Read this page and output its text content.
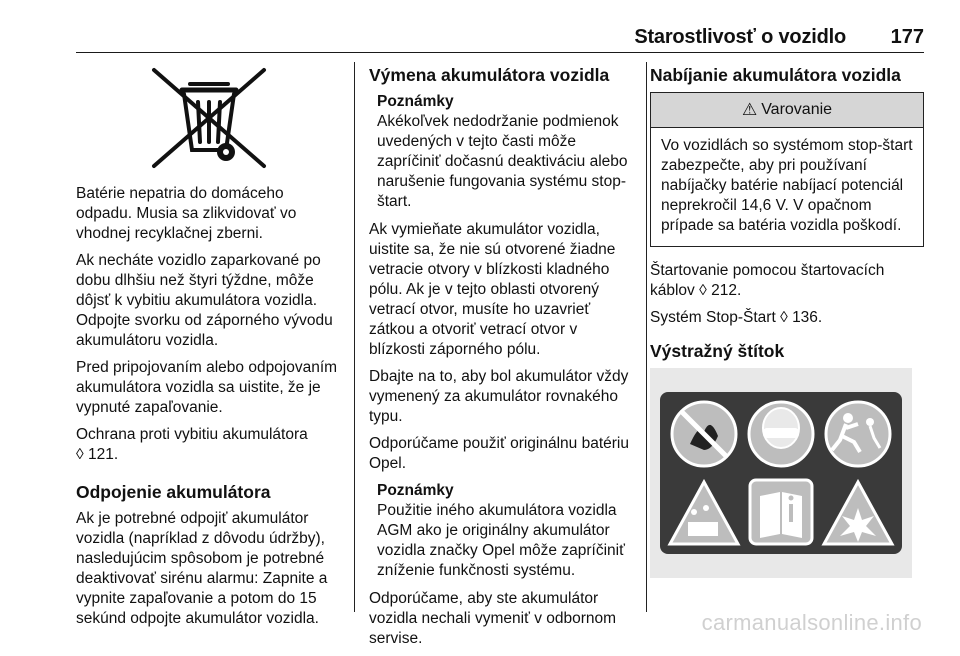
Starostlivosť o vozidlo 177

Batérie nepatria do domáceho odpadu. Musia sa zlikvidovať vo vhodnej recyklačnej zberni.

Ak necháte vozidlo zaparkované po dobu dlhšiu než štyri týždne, môže dôjsť k vybitiu akumulátora vozidla. Odpojte svorku od záporného vývodu akumulátoru vozidla.

Pred pripojovaním alebo odpojovaním akumulátora vozidla sa uistite, že je vypnuté zapaľovanie.

Ochrana proti vybitiu akumulátora
◊ 121.

Odpojenie akumulátora

Ak je potrebné odpojiť akumulátor vozidla (napríklad z dôvodu údržby), nasledujúcim spôsobom je potrebné deaktivovať sirénu alarmu: Zapnite a vypnite zapaľovanie a potom do 15 sekúnd odpojte akumulátor vozidla.

Výmena akumulátora vozidla
Poznámky
Akékoľvek nedodržanie podmienok uvedených v tejto časti môže zapríčiniť dočasnú deaktiváciu alebo narušenie fungovania systému stop-štart.

Ak vymieňate akumulátor vozidla, uistite sa, že nie sú otvorené žiadne vetracie otvory v blízkosti kladného pólu. Ak je v tejto oblasti otvorený vetrací otvor, musíte ho uzavrieť zátkou a otvoriť vetrací otvor v blízkosti záporného pólu.

Dbajte na to, aby bol akumulátor vždy vymenený za akumulátor rovnakého typu.

Odporúčame použiť originálnu batériu Opel.

Poznámky
Použitie iného akumulátora vozidla AGM ako je originálny akumulátor vozidla značky Opel môže zapríčiniť zníženie funkčnosti systému.

Odporúčame, aby ste akumulátor vozidla nechali vymeniť v odbornom servise.

Nabíjanie akumulátora vozidla
⚠ Varovanie
Vo vozidlách so systémom stop-štart zabezpečte, aby pri používaní nabíjačky batérie nabíjací potenciál neprekročil 14,6 V. V opačnom prípade sa batéria vozidla poškodí.

Štartovanie pomocou štartovacích káblov ◊ 212.

Systém Stop-Štart ◊ 136.

Výstražný štítok
carmanualsonline.info
